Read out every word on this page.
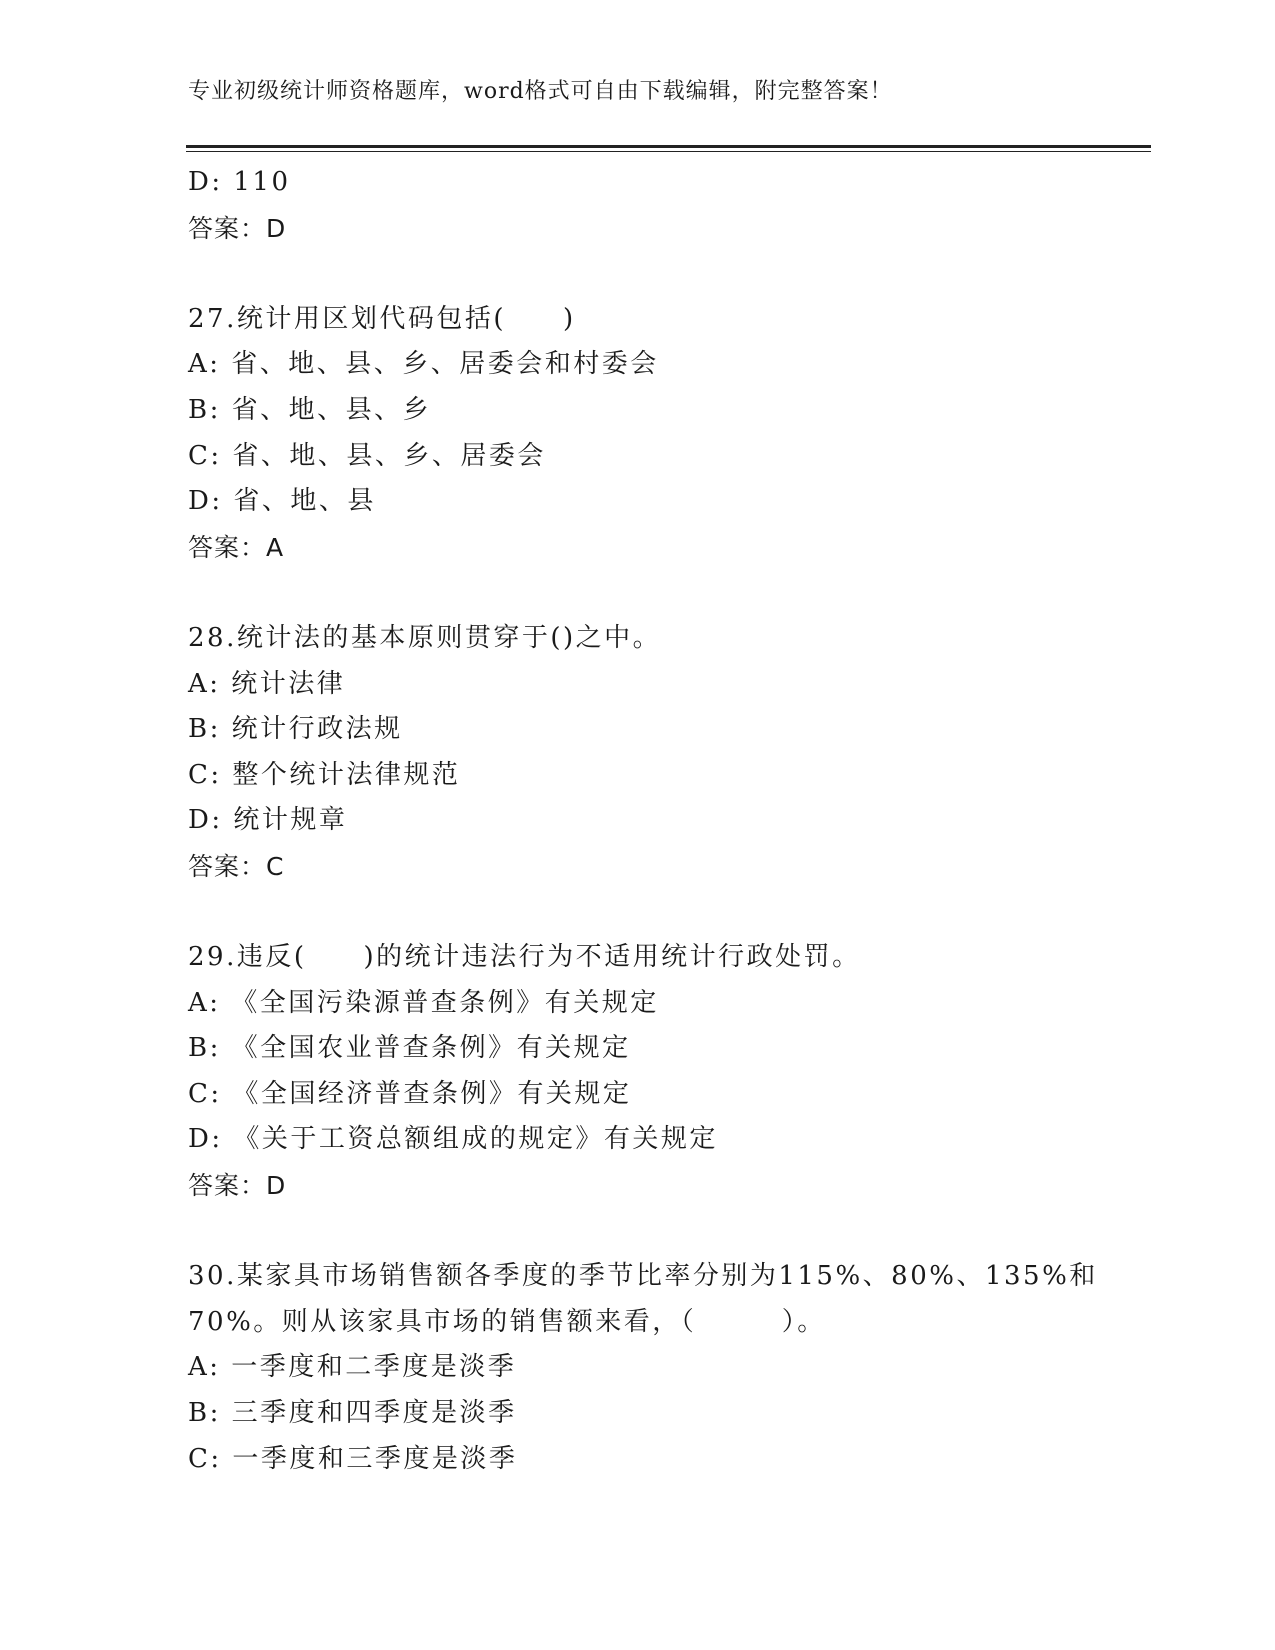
专业初级统计师资格题库，word格式可自由下载编辑，附完整答案！
D: 110
答案：D
27.统计用区划代码包括(　　)
A: 省、地、县、乡、居委会和村委会
B: 省、地、县、乡
C: 省、地、县、乡、居委会
D: 省、地、县
答案：A
28.统计法的基本原则贯穿于()之中。
A: 统计法律
B: 统计行政法规
C: 整个统计法律规范
D: 统计规章
答案：C
29.违反(　　)的统计违法行为不适用统计行政处罚。
A: 《全国污染源普查条例》有关规定
B: 《全国农业普查条例》有关规定
C: 《全国经济普查条例》有关规定
D: 《关于工资总额组成的规定》有关规定
答案：D
30.某家具市场销售额各季度的季节比率分别为115%、80%、135%和
70%。则从该家具市场的销售额来看，（　　　）。
A: 一季度和二季度是淡季
B: 三季度和四季度是淡季
C: 一季度和三季度是淡季
